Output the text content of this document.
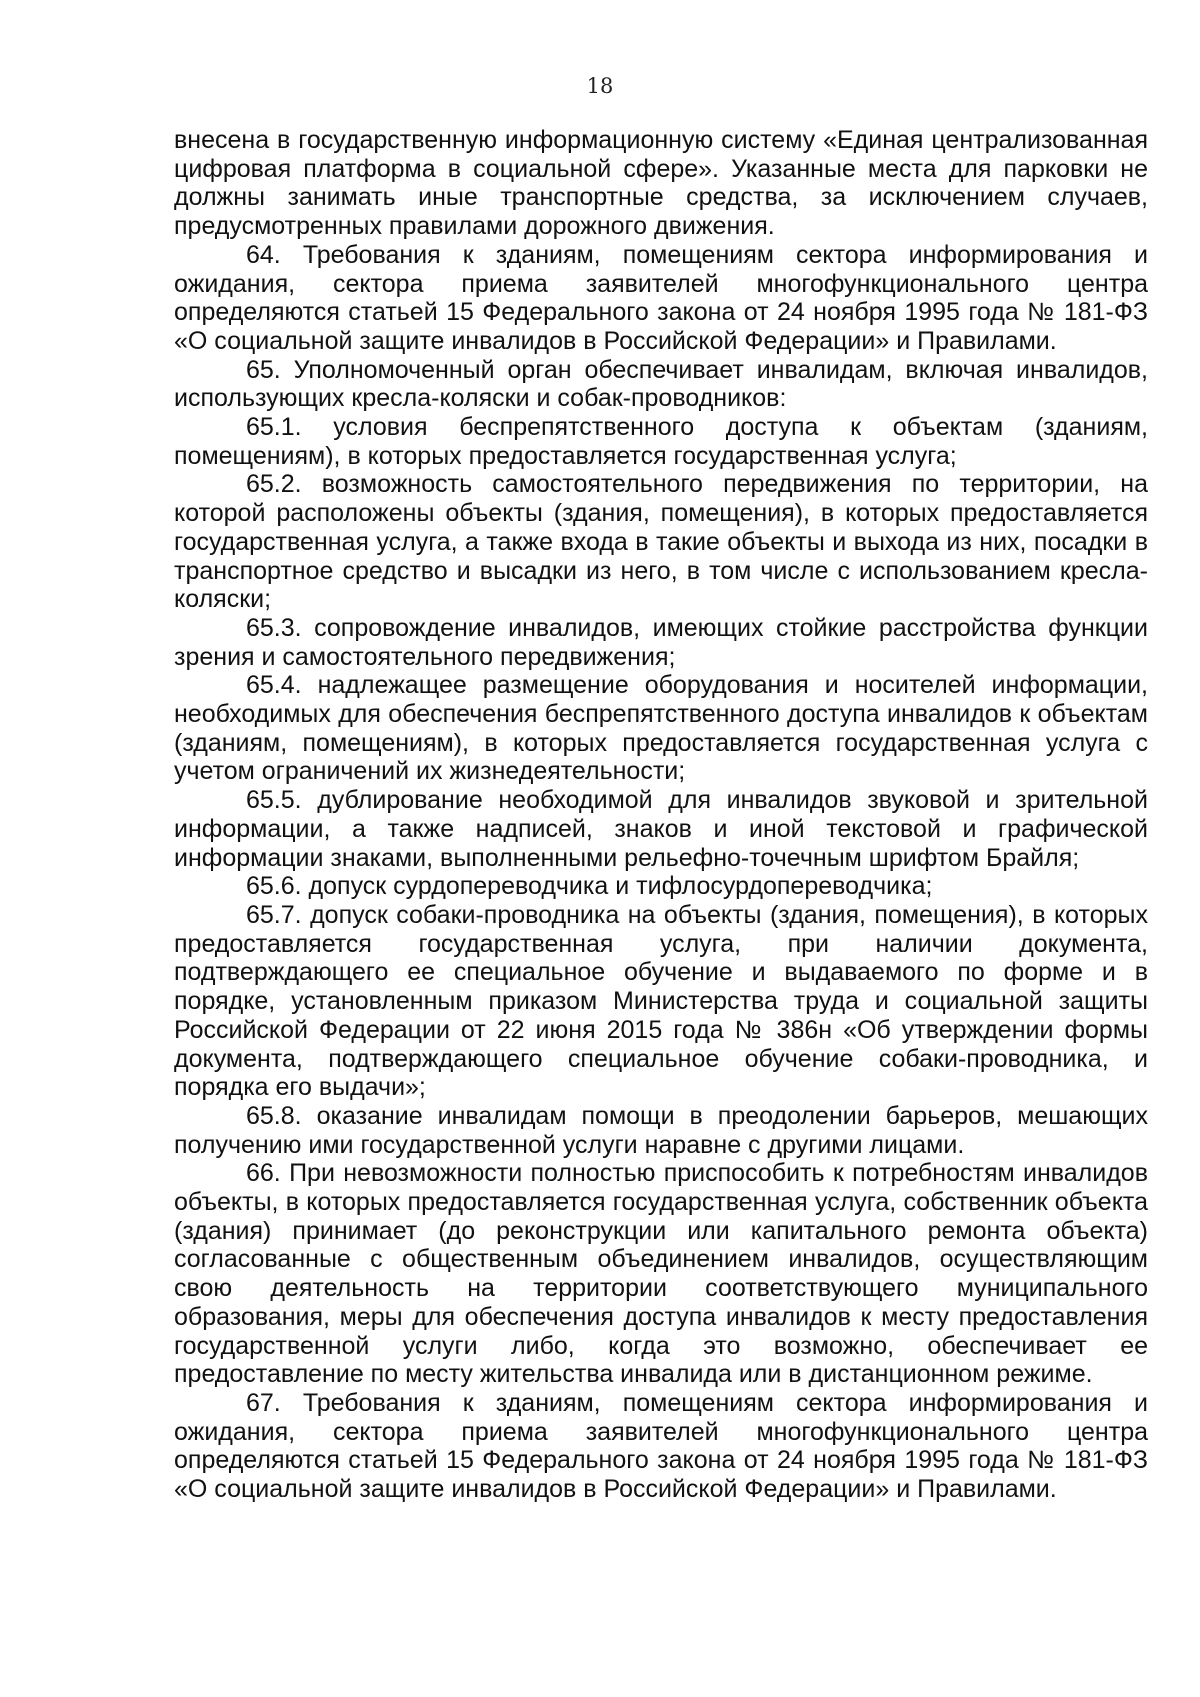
18

внесена в государственную информационную систему «Единая централизованная цифровая платформа в социальной сфере». Указанные места для парковки не должны занимать иные транспортные средства, за исключением случаев, предусмотренных правилами дорожного движения.

64. Требования к зданиям, помещениям сектора информирования и ожидания, сектора приема заявителей многофункционального центра определяются статьей 15 Федерального закона от 24 ноября 1995 года № 181-ФЗ «О социальной защите инвалидов в Российской Федерации» и Правилами.

65. Уполномоченный орган обеспечивает инвалидам, включая инвалидов, использующих кресла-коляски и собак-проводников:

65.1. условия беспрепятственного доступа к объектам (зданиям, помещениям), в которых предоставляется государственная услуга;

65.2. возможность самостоятельного передвижения по территории, на которой расположены объекты (здания, помещения), в которых предоставляется государственная услуга, а также входа в такие объекты и выхода из них, посадки в транспортное средство и высадки из него, в том числе с использованием кресла-коляски;

65.3. сопровождение инвалидов, имеющих стойкие расстройства функции зрения и самостоятельного передвижения;

65.4. надлежащее размещение оборудования и носителей информации, необходимых для обеспечения беспрепятственного доступа инвалидов к объектам (зданиям, помещениям), в которых предоставляется государственная услуга с учетом ограничений их жизнедеятельности;

65.5. дублирование необходимой для инвалидов звуковой и зрительной информации, а также надписей, знаков и иной текстовой и графической информации знаками, выполненными рельефно-точечным шрифтом Брайля;

65.6. допуск сурдопереводчика и тифлосурдопереводчика;

65.7. допуск собаки-проводника на объекты (здания, помещения), в которых предоставляется государственная услуга, при наличии документа, подтверждающего ее специальное обучение и выдаваемого по форме и в порядке, установленным приказом Министерства труда и социальной защиты Российской Федерации от 22 июня 2015 года № 386н «Об утверждении формы документа, подтверждающего специальное обучение собаки-проводника, и порядка его выдачи»;

65.8. оказание инвалидам помощи в преодолении барьеров, мешающих получению ими государственной услуги наравне с другими лицами.

66. При невозможности полностью приспособить к потребностям инвалидов объекты, в которых предоставляется государственная услуга, собственник объекта (здания) принимает (до реконструкции или капитального ремонта объекта) согласованные с общественным объединением инвалидов, осуществляющим свою деятельность на территории соответствующего муниципального образования, меры для обеспечения доступа инвалидов к месту предоставления государственной услуги либо, когда это возможно, обеспечивает ее предоставление по месту жительства инвалида или в дистанционном режиме.

67. Требования к зданиям, помещениям сектора информирования и ожидания, сектора приема заявителей многофункционального центра определяются статьей 15 Федерального закона от 24 ноября 1995 года № 181-ФЗ «О социальной защите инвалидов в Российской Федерации» и Правилами.
